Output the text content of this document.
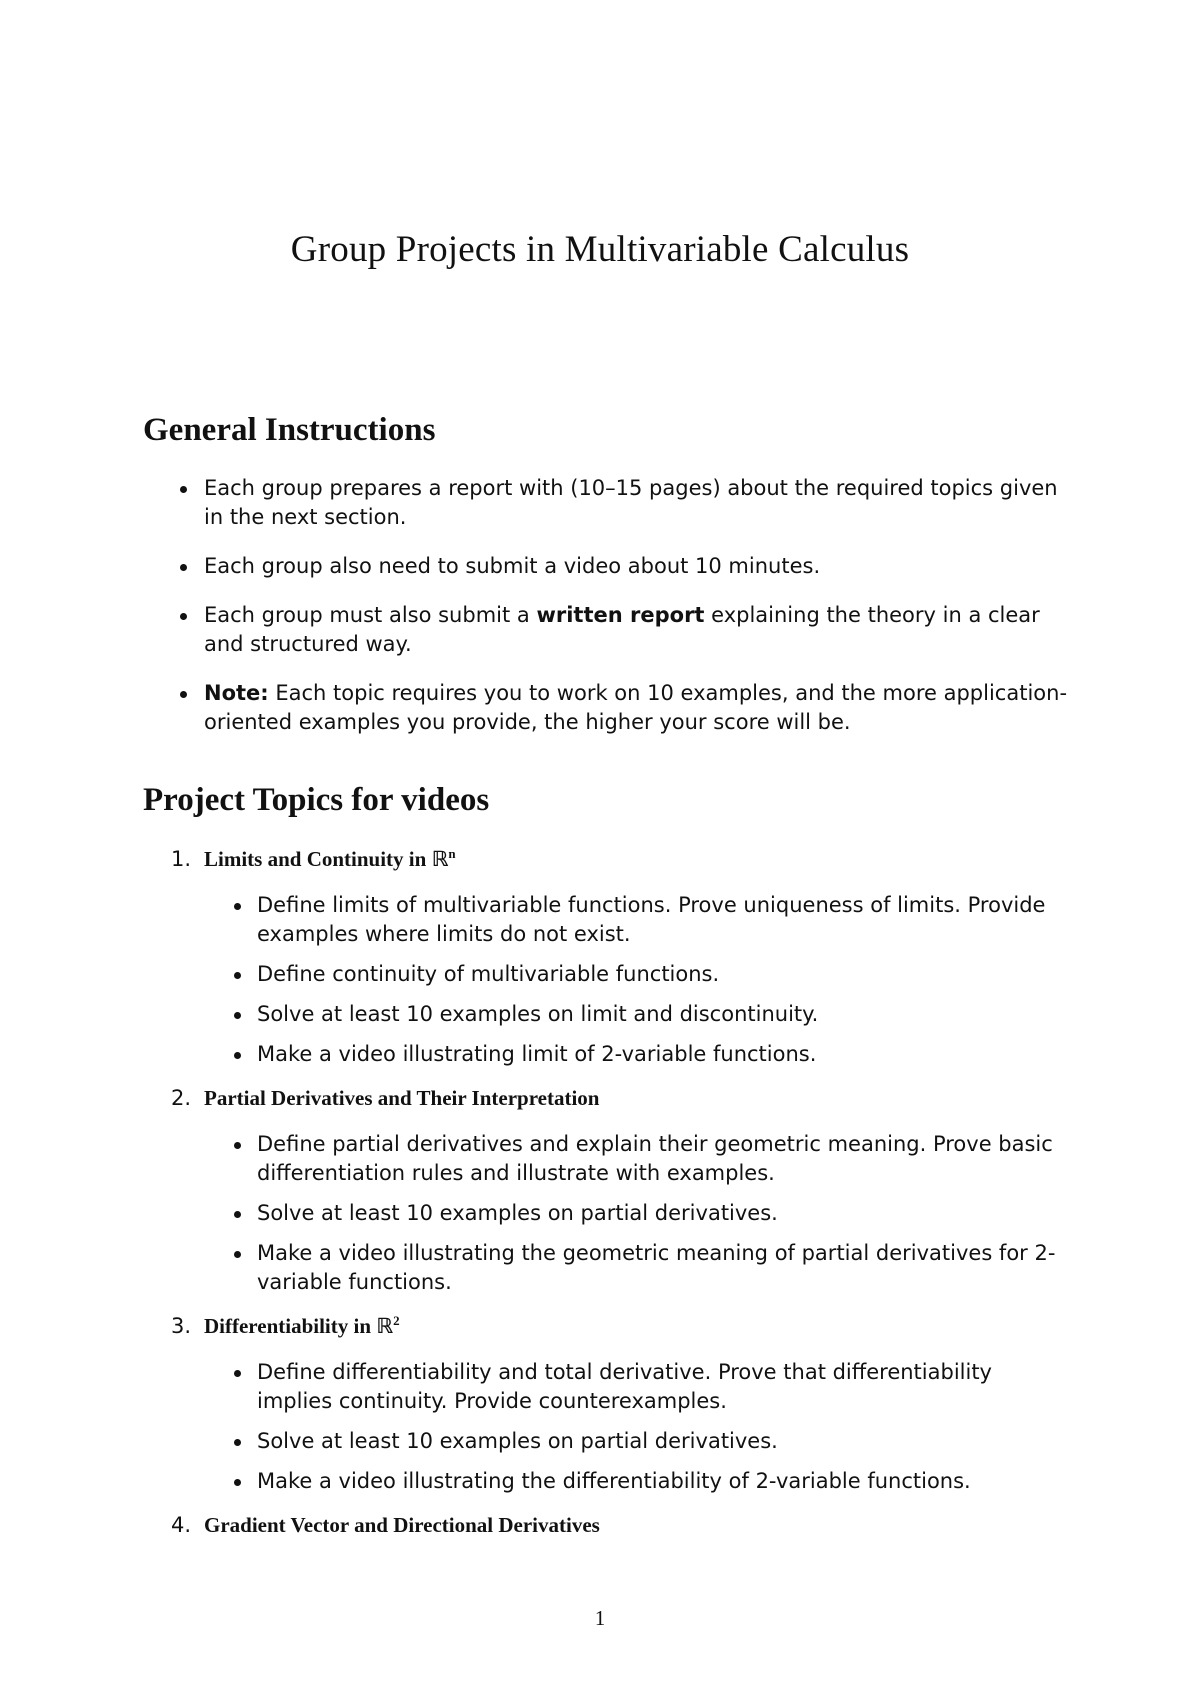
Group Projects in Multivariable Calculus
General Instructions
Each group prepares a report with (10–15 pages) about the required topics given in the next section.
Each group also need to submit a video about 10 minutes.
Each group must also submit a written report explaining the theory in a clear and structured way.
Note: Each topic requires you to work on 10 examples, and the more application-oriented examples you provide, the higher your score will be.
Project Topics for videos
1. Limits and Continuity in ℝ$^n$
Define limits of multivariable functions. Prove uniqueness of limits. Provide examples where limits do not exist.
Define continuity of multivariable functions.
Solve at least 10 examples on limit and discontinuity.
Make a video illustrating limit of 2-variable functions.
2. Partial Derivatives and Their Interpretation
Define partial derivatives and explain their geometric meaning. Prove basic differentiation rules and illustrate with examples.
Solve at least 10 examples on partial derivatives.
Make a video illustrating the geometric meaning of partial derivatives for 2-variable functions.
3. Differentiability in ℝ$^2$
Define differentiability and total derivative. Prove that differentiability implies continuity. Provide counterexamples.
Solve at least 10 examples on partial derivatives.
Make a video illustrating the differentiability of 2-variable functions.
4. Gradient Vector and Directional Derivatives
1
